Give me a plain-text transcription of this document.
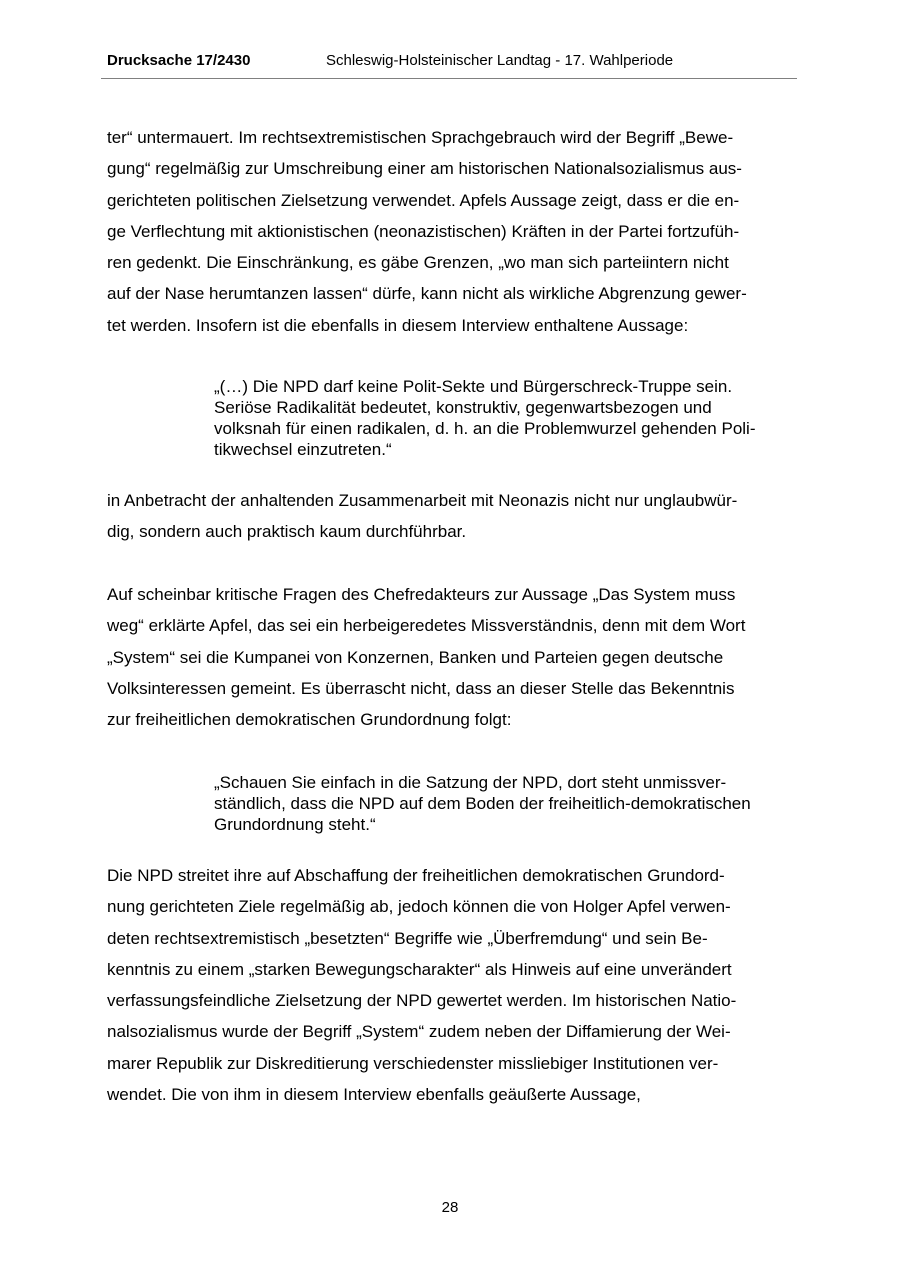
Drucksache 17/2430	Schleswig-Holsteinischer Landtag - 17. Wahlperiode

ter“ untermauert. Im rechtsextremistischen Sprachgebrauch wird der Begriff „Bewe-
gung“ regelmäßig zur Umschreibung einer am historischen Nationalsozialismus aus-
gerichteten politischen Zielsetzung verwendet. Apfels Aussage zeigt, dass er die en-
ge Verflechtung mit aktionistischen (neonazistischen) Kräften in der Partei fortzufüh-
ren gedenkt. Die Einschränkung, es gäbe Grenzen, „wo man sich parteiintern nicht
auf der Nase herumtanzen lassen“ dürfe, kann nicht als wirkliche Abgrenzung gewer-
tet werden. Insofern ist die ebenfalls in diesem Interview enthaltene Aussage:

„(…) Die NPD darf keine Polit-Sekte und Bürgerschreck-Truppe sein.
Seriöse Radikalität bedeutet, konstruktiv, gegenwartsbezogen und
volksnah für einen radikalen, d. h. an die Problemwurzel gehenden Poli-
tikwechsel einzutreten.“

in Anbetracht der anhaltenden Zusammenarbeit mit Neonazis nicht nur unglaubwür-
dig, sondern auch praktisch kaum durchführbar.

Auf scheinbar kritische Fragen des Chefredakteurs zur Aussage „Das System muss
weg“ erklärte Apfel, das sei ein herbeigeredetes Missverständnis, denn mit dem Wort
„System“ sei die Kumpanei von Konzernen, Banken und Parteien gegen deutsche
Volksinteressen gemeint. Es überrascht nicht, dass an dieser Stelle das Bekenntnis
zur freiheitlichen demokratischen Grundordnung folgt:

„Schauen Sie einfach in die Satzung der NPD, dort steht unmissver-
ständlich, dass die NPD auf dem Boden der freiheitlich-demokratischen
Grundordnung steht.“

Die NPD streitet ihre auf Abschaffung der freiheitlichen demokratischen Grundord-
nung gerichteten Ziele regelmäßig ab, jedoch können die von Holger Apfel verwen-
deten rechtsextremistisch „besetzten“ Begriffe wie „Überfremdung“ und sein Be-
kenntnis zu einem „starken Bewegungscharakter“ als Hinweis auf eine unverändert
verfassungsfeindliche Zielsetzung der NPD gewertet werden. Im historischen Natio-
nalsozialismus wurde der Begriff „System“ zudem neben der Diffamierung der Wei-
marer Republik zur Diskreditierung verschiedenster missliebiger Institutionen ver-
wendet. Die von ihm in diesem Interview ebenfalls geäußerte Aussage,

28
